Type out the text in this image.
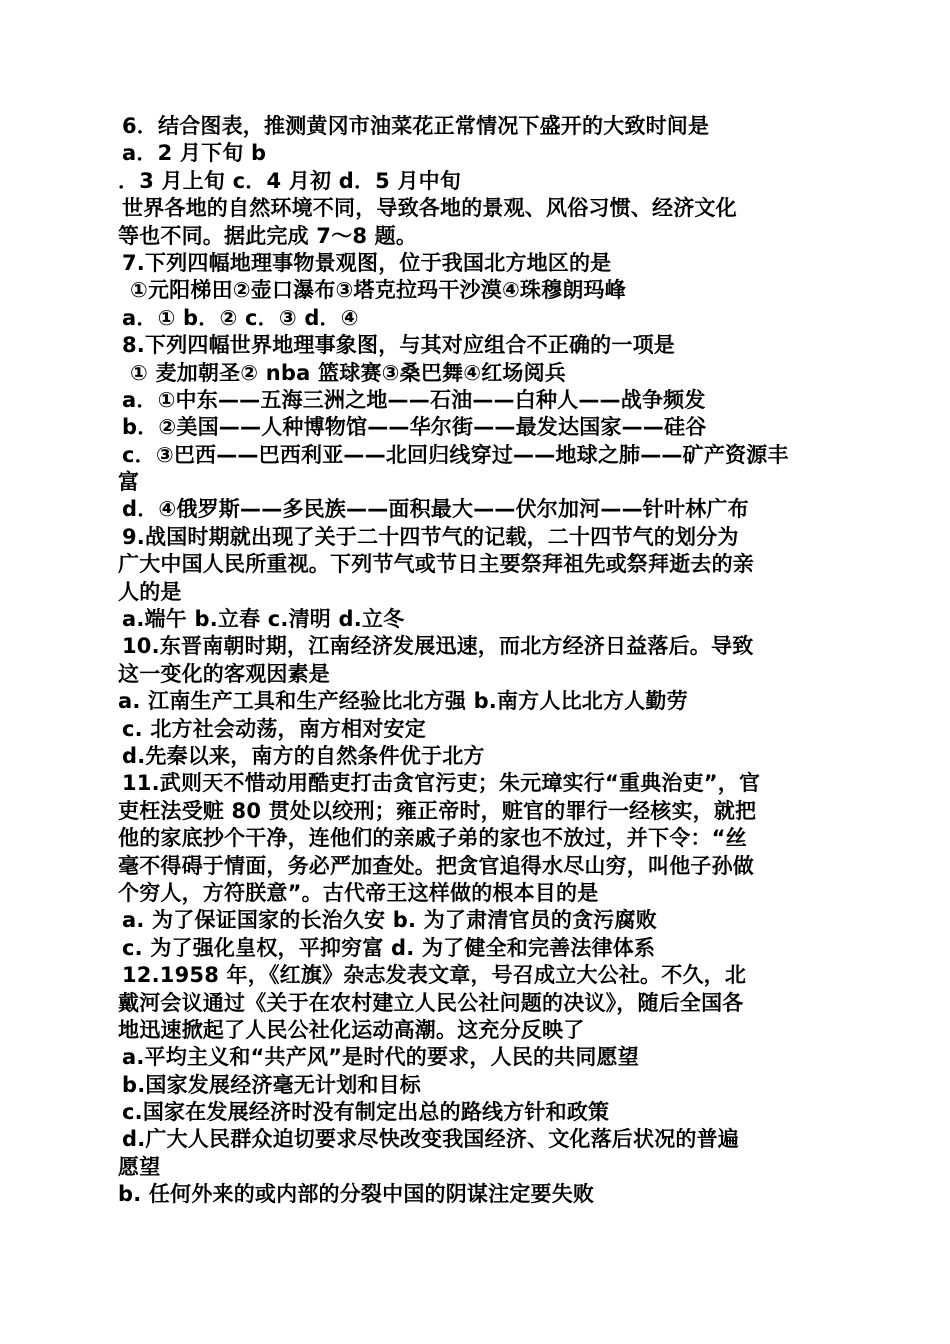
6．结合图表，推测黄冈市油菜花正常情况下盛开的大致时间是
a．2 月下旬 b
．3 月上旬 c．4 月初 d．5 月中旬
世界各地的自然环境不同，导致各地的景观、风俗习惯、经济文化
等也不同。据此完成 7～8 题。
7.下列四幅地理事物景观图，位于我国北方地区的是
①元阳梯田②壶口瀑布③塔克拉玛干沙漠④珠穆朗玛峰
a．① b．② c．③ d．④
8.下列四幅世界地理事象图，与其对应组合不正确的一项是
① 麦加朝圣② nba 篮球赛③桑巴舞④红场阅兵
a．①中东——五海三洲之地——石油——白种人——战争频发
b．②美国——人种博物馆——华尔街——最发达国家——硅谷
c．③巴西——巴西利亚——北回归线穿过——地球之肺——矿产资源丰
富
d．④俄罗斯——多民族——面积最大——伏尔加河——针叶林广布
9.战国时期就出现了关于二十四节气的记载，二十四节气的划分为
广大中国人民所重视。下列节气或节日主要祭拜祖先或祭拜逝去的亲
人的是
a.端午 b.立春 c.清明 d.立冬
10.东晋南朝时期，江南经济发展迅速，而北方经济日益落后。导致
这一变化的客观因素是
a. 江南生产工具和生产经验比北方强 b.南方人比北方人勤劳
c. 北方社会动荡，南方相对安定
d.先秦以来，南方的自然条件优于北方
11.武则天不惜动用酷吏打击贪官污吏；朱元璋实行“重典治吏”，官
吏枉法受赃 80 贯处以绞刑；雍正帝时，赃官的罪行一经核实，就把
他的家底抄个干净，连他们的亲戚子弟的家也不放过，并下令：“丝
毫不得碍于情面，务必严加查处。把贪官追得水尽山穷，叫他子孙做
个穷人，方符朕意”。古代帝王这样做的根本目的是
a. 为了保证国家的长治久安 b. 为了肃清官员的贪污腐败
c. 为了强化皇权，平抑穷富 d. 为了健全和完善法律体系
12.1958 年，《红旗》杂志发表文章，号召成立大公社。不久，北
戴河会议通过《关于在农村建立人民公社问题的决议》，随后全国各
地迅速掀起了人民公社化运动高潮。这充分反映了
a.平均主义和“共产风”是时代的要求，人民的共同愿望
b.国家发展经济毫无计划和目标
c.国家在发展经济时没有制定出总的路线方针和政策
d.广大人民群众迫切要求尽快改变我国经济、文化落后状况的普遍
愿望
b. 任何外来的或内部的分裂中国的阴谋注定要失败
